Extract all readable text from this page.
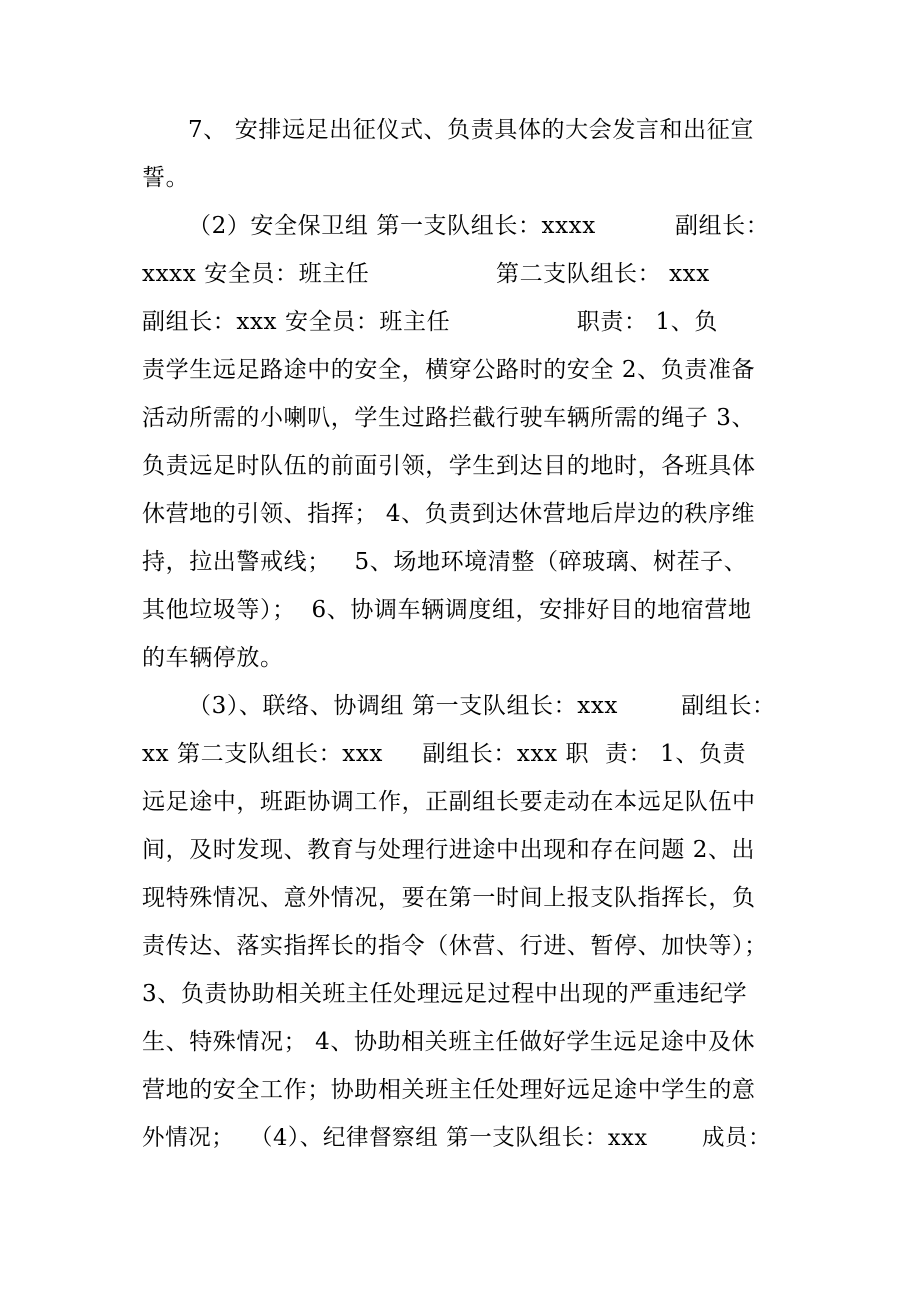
7、 安排远足出征仪式、负责具体的大会发言和出征宣
誓。
（2）安全保卫组 第一支队组长：xxxx          副组长：
xxxx 安全员：班主任                第二支队组长： xxx
副组长：xxx 安全员：班主任                职责： 1、负
责学生远足路途中的安全，横穿公路时的安全 2、负责准备
活动所需的小喇叭，学生过路拦截行驶车辆所需的绳子 3、
负责远足时队伍的前面引领，学生到达目的地时，各班具体
休营地的引领、指挥； 4、负责到达休营地后岸边的秩序维
持，拉出警戒线；   5、场地环境清整（碎玻璃、树茬子、
其他垃圾等）；  6、协调车辆调度组，安排好目的地宿营地
的车辆停放。
（3）、联络、协调组 第一支队组长：xxx        副组长：
xx 第二支队组长：xxx     副组长：xxx 职  责： 1、负责
远足途中，班距协调工作，正副组长要走动在本远足队伍中
间，及时发现、教育与处理行进途中出现和存在问题 2、出
现特殊情况、意外情况，要在第一时间上报支队指挥长，负
责传达、落实指挥长的指令（休营、行进、暂停、加快等）；
3、负责协助相关班主任处理远足过程中出现的严重违纪学
生、特殊情况； 4、协助相关班主任做好学生远足途中及休
营地的安全工作；协助相关班主任处理好远足途中学生的意
外情况；  （4）、纪律督察组 第一支队组长：xxx       成员：
